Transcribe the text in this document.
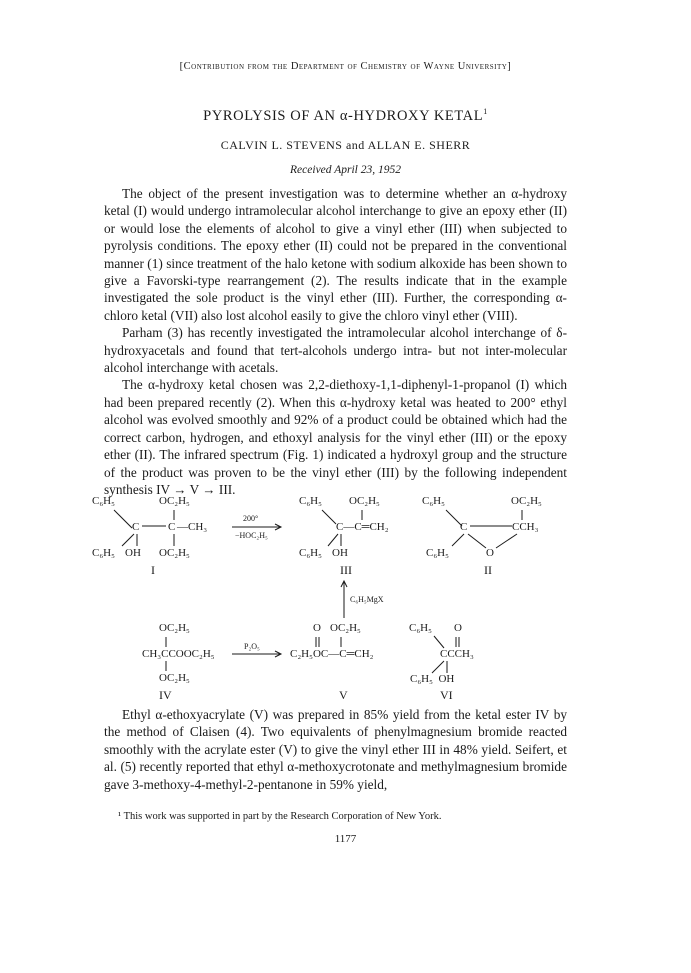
[Contribution from the Department of Chemistry of Wayne University]
PYROLYSIS OF AN α-HYDROXY KETAL$^1$
CALVIN L. STEVENS and ALLAN E. SHERR
Received April 23, 1952

The object of the present investigation was to determine whether an α-hydroxy ketal (I) would undergo intramolecular alcohol interchange to give an epoxy ether (II) or would lose the elements of alcohol to give a vinyl ether (III) when subjected to pyrolysis conditions. The epoxy ether (II) could not be prepared in the conventional manner (1) since treatment of the halo ketone with sodium alkoxide has been shown to give a Favorski-type rearrangement (2). The results indicate that in the example investigated the sole product is the vinyl ether (III). Further, the corresponding α-chloro ketal (VII) also lost alcohol easily to give the chloro vinyl ether (VIII).

Parham (3) has recently investigated the intramolecular alcohol interchange of δ-hydroxyacetals and found that tert-alcohols undergo intra- but not inter-molecular alcohol interchange with acetals.

The α-hydroxy ketal chosen was 2,2-diethoxy-1,1-diphenyl-1-propanol (I) which had been prepared recently (2). When this α-hydroxy ketal was heated to 200° ethyl alcohol was evolved smoothly and 92% of a product could be obtained which had the correct carbon, hydrogen, and ethoxyl analysis for the vinyl ether (III) or the epoxy ether (II). The infrared spectrum (Fig. 1) indicated a hydroxyl group and the structure of the product was proven to be the vinyl ether (III) by the following independent synthesis IV → V → III.

C₆H₅	OC₂H₅
C	C —CH₃
C₆H₅ OH OC₂H₅
I
200°
−HOC₂H₅
C₆H₅ OC₂H₅
C—C═CH₂
C₆H₅ OH
III
C₆H₅	OC₂H₅
C	CCH₃
C₆H₅	O
II
C₆H₅MgX
OC₂H₅
CH₃CCOOC₂H₅
OC₂H₅
IV
P₂O₅
O OC₂H₅
C₂H₅OC—C═CH₂
V
C₆H₅ O
CCCH₃
C₆H₅  OH
VI

Ethyl α-ethoxyacrylate (V) was prepared in 85% yield from the ketal ester IV by the method of Claisen (4). Two equivalents of phenylmagnesium bromide reacted smoothly with the acrylate ester (V) to give the vinyl ether III in 48% yield. Seifert, et al. (5) recently reported that ethyl α-methoxycrotonate and methylmagnesium bromide gave 3-methoxy-4-methyl-2-pentanone in 59% yield,

¹ This work was supported in part by the Research Corporation of New York.
1177
